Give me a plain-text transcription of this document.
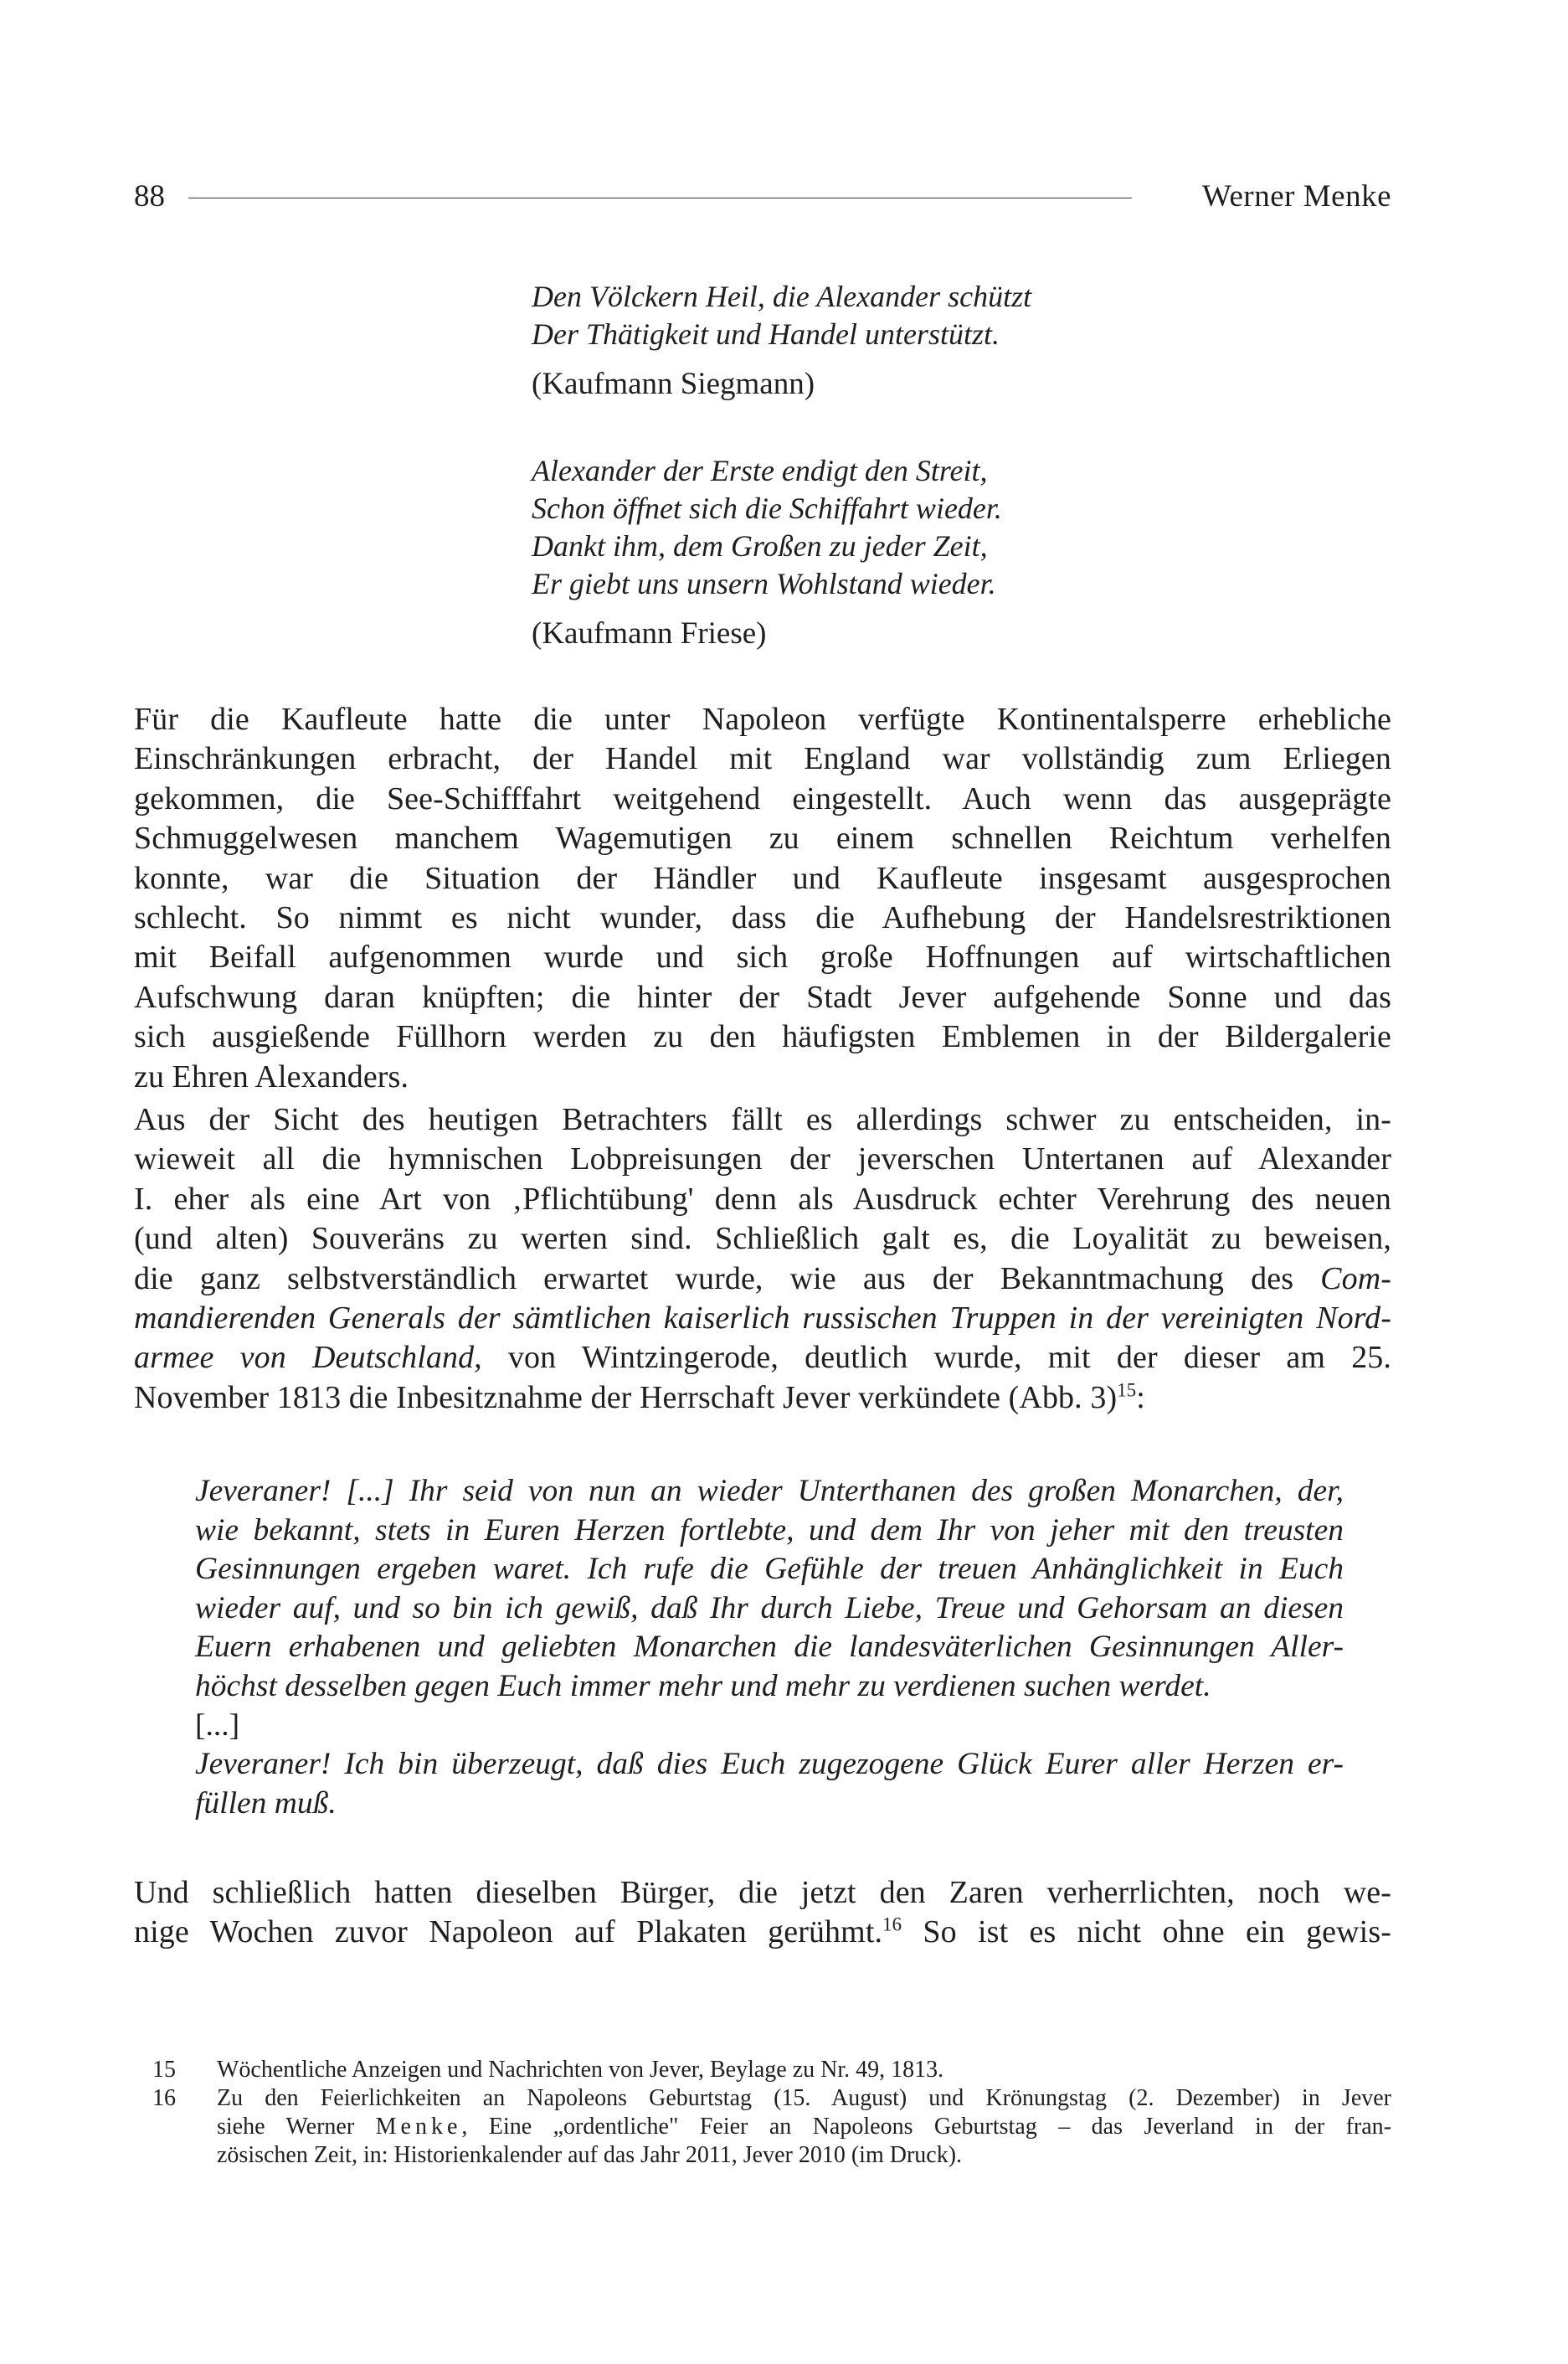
88	Werner Menke
Den Völckern Heil, die Alexander schützt
Der Thätigkeit und Handel unterstützt.
(Kaufmann Siegmann)
Alexander der Erste endigt den Streit,
Schon öffnet sich die Schiffahrt wieder.
Dankt ihm, dem Großen zu jeder Zeit,
Er giebt uns unsern Wohlstand wieder.
(Kaufmann Friese)
Für die Kaufleute hatte die unter Napoleon verfügte Kontinentalsperre erhebliche
Einschränkungen erbracht, der Handel mit England war vollständig zum Erliegen
gekommen, die See-Schifffahrt weitgehend eingestellt. Auch wenn das ausgeprägte
Schmuggelwesen manchem Wagemutigen zu einem schnellen Reichtum verhelfen
konnte, war die Situation der Händler und Kaufleute insgesamt ausgesprochen
schlecht. So nimmt es nicht wunder, dass die Aufhebung der Handelsrestriktionen
mit Beifall aufgenommen wurde und sich große Hoffnungen auf wirtschaftlichen
Aufschwung daran knüpften; die hinter der Stadt Jever aufgehende Sonne und das
sich ausgießende Füllhorn werden zu den häufigsten Emblemen in der Bildergalerie
zu Ehren Alexanders.
Aus der Sicht des heutigen Betrachters fällt es allerdings schwer zu entscheiden, in-
wieweit all die hymnischen Lobpreisungen der jeverschen Untertanen auf Alexander
I. eher als eine Art von ‚Pflichtübung' denn als Ausdruck echter Verehrung des neuen
(und alten) Souveräns zu werten sind. Schließlich galt es, die Loyalität zu beweisen,
die ganz selbstverständlich erwartet wurde, wie aus der Bekanntmachung des Com-
mandierenden Generals der sämtlichen kaiserlich russischen Truppen in der vereinigten Nord-
armee von Deutschland, von Wintzingerode, deutlich wurde, mit der dieser am 25.
November 1813 die Inbesitznahme der Herrschaft Jever verkündete (Abb. 3)$^{15}$:
Jeveraner! [...] Ihr seid von nun an wieder Unterthanen des großen Monarchen, der,
wie bekannt, stets in Euren Herzen fortlebte, und dem Ihr von jeher mit den treusten
Gesinnungen ergeben waret. Ich rufe die Gefühle der treuen Anhänglichkeit in Euch
wieder auf, und so bin ich gewiß, daß Ihr durch Liebe, Treue und Gehorsam an diesen
Euern erhabenen und geliebten Monarchen die landesväterlichen Gesinnungen Aller-
höchst desselben gegen Euch immer mehr und mehr zu verdienen suchen werdet.
[...]
Jeveraner! Ich bin überzeugt, daß dies Euch zugezogene Glück Eurer aller Herzen er-
füllen muß.
Und schließlich hatten dieselben Bürger, die jetzt den Zaren verherrlichten, noch we-
nige Wochen zuvor Napoleon auf Plakaten gerühmt.$^{16}$ So ist es nicht ohne ein gewis-
15 Wöchentliche Anzeigen und Nachrichten von Jever, Beylage zu Nr. 49, 1813.
16 Zu den Feierlichkeiten an Napoleons Geburtstag (15. August) und Krönungstag (2. Dezember) in Jever
siehe Werner Menke, Eine „ordentliche" Feier an Napoleons Geburtstag – das Jeverland in der fran-
zösischen Zeit, in: Historienkalender auf das Jahr 2011, Jever 2010 (im Druck).
